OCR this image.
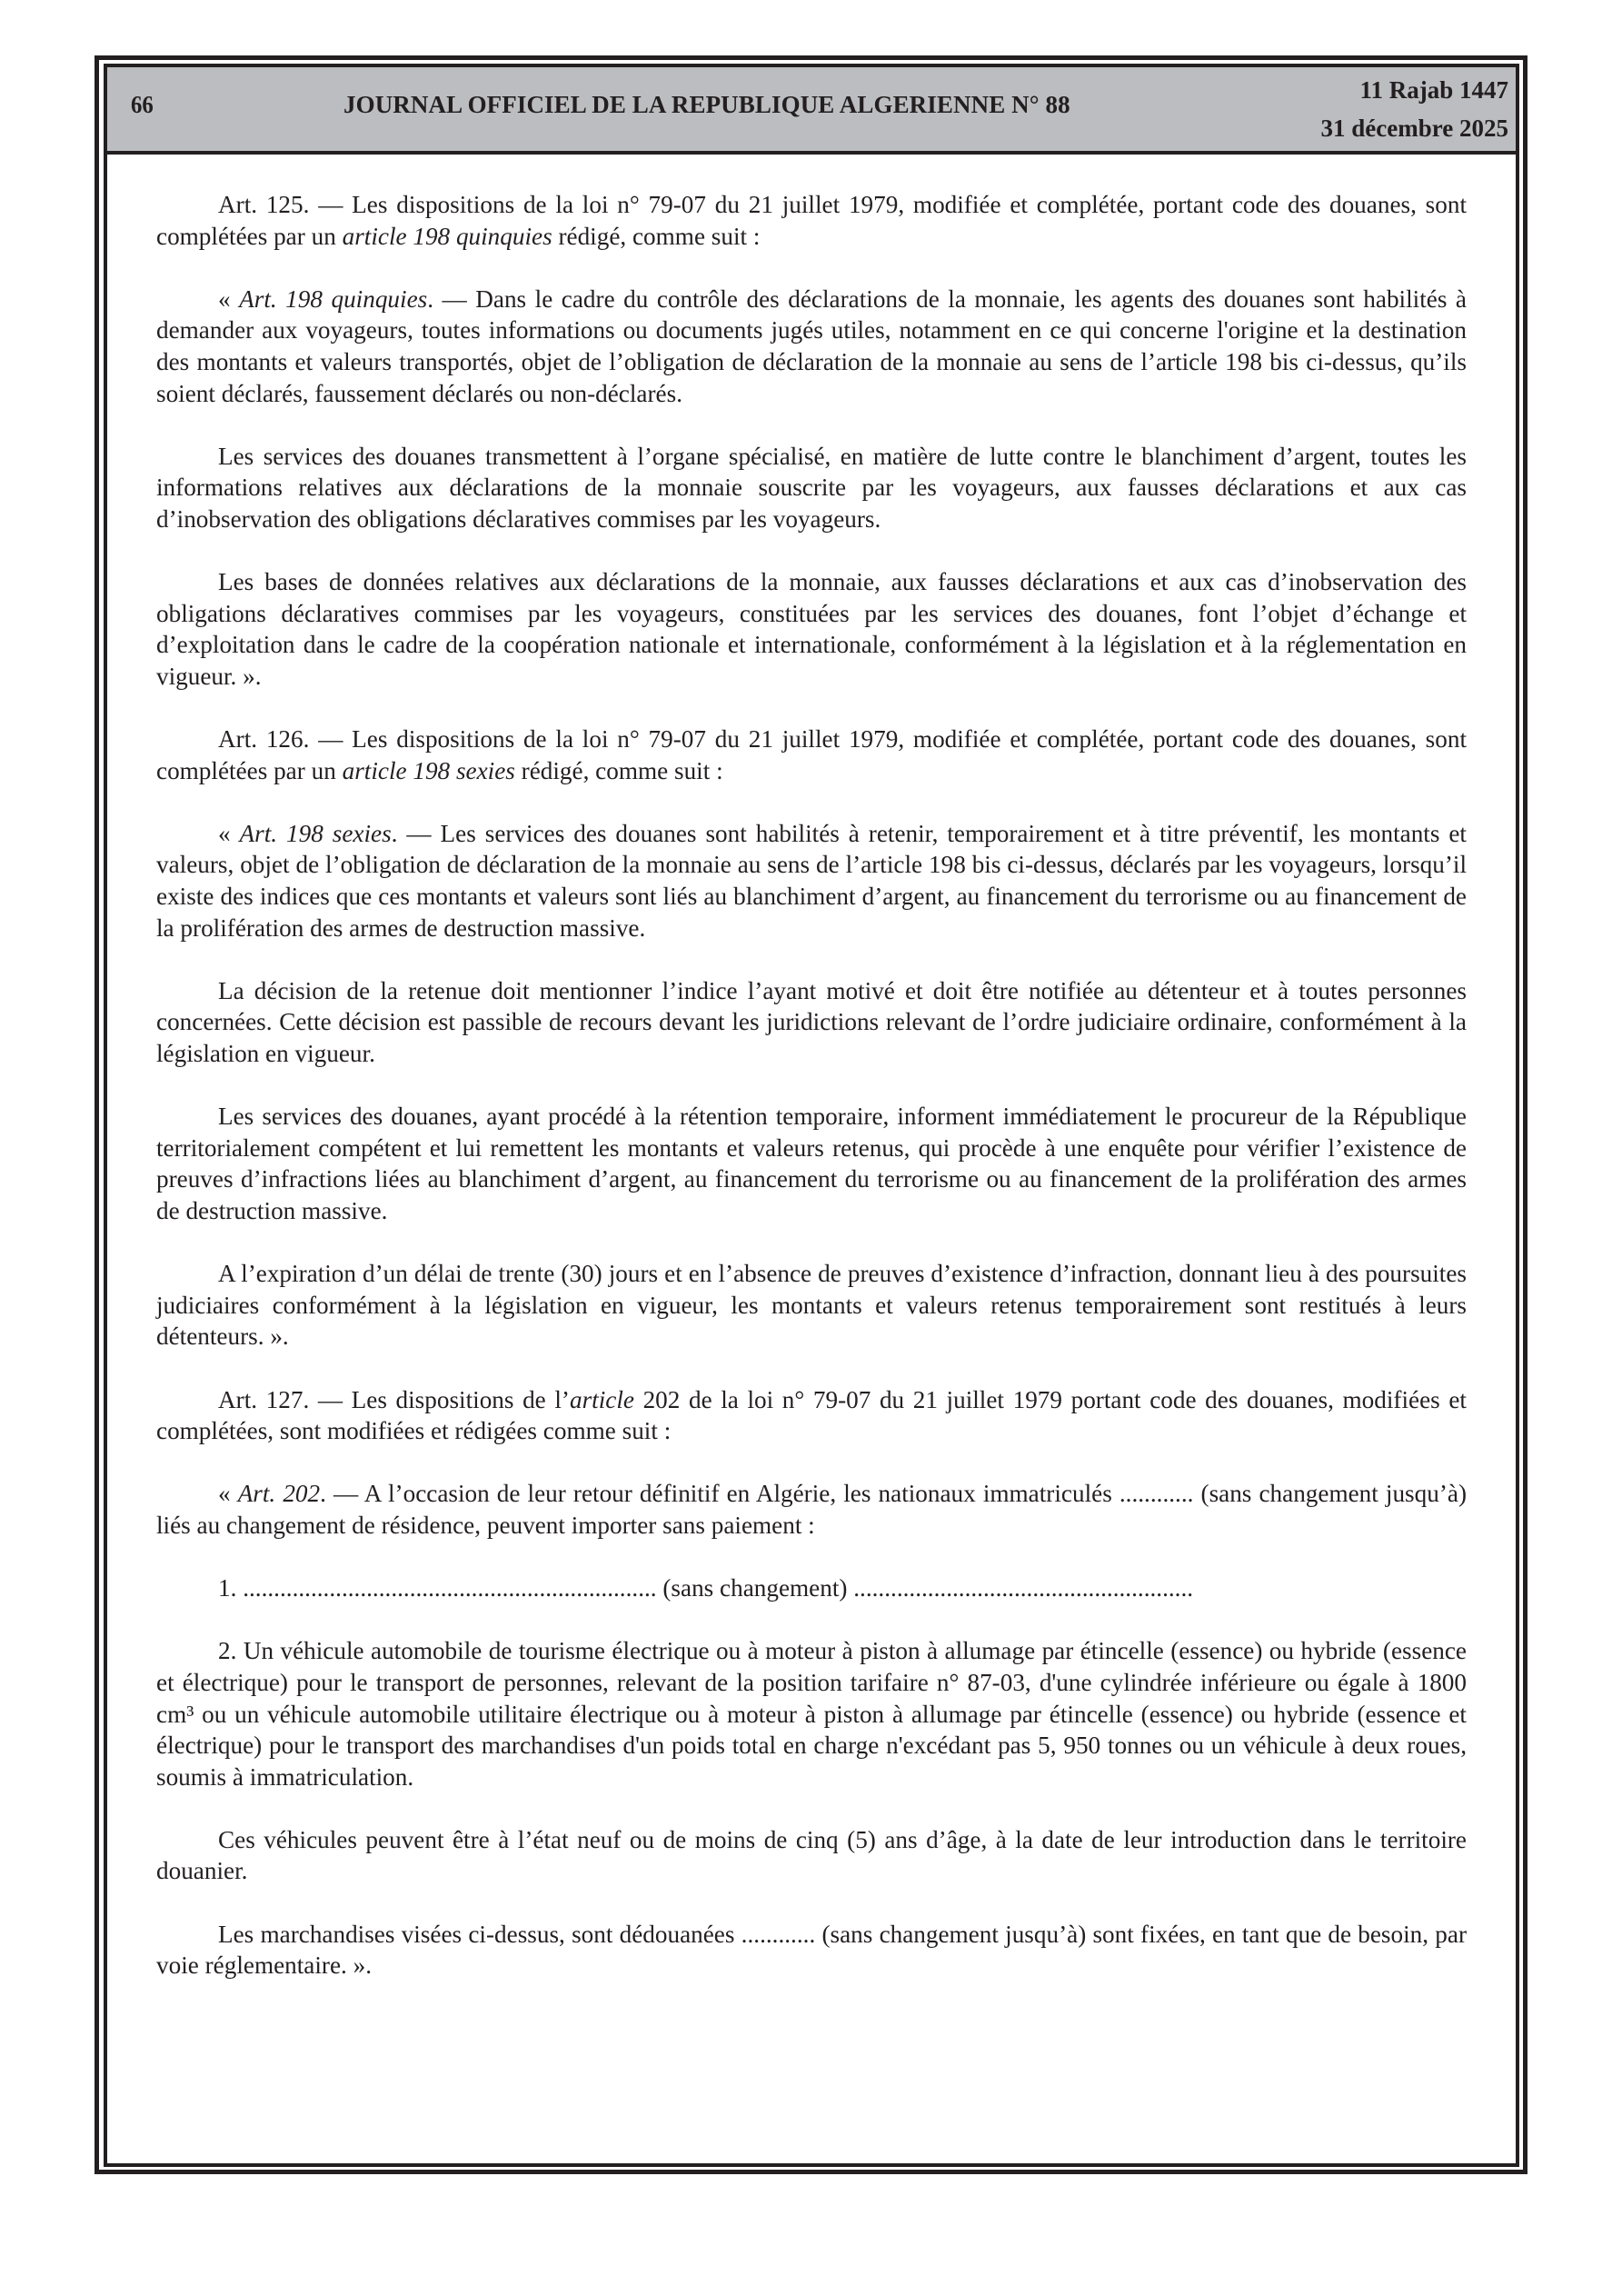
66	JOURNAL OFFICIEL DE LA REPUBLIQUE ALGERIENNE N° 88
11 Rajab 1447
31 décembre 2025

Art. 125. — Les dispositions de la loi n° 79-07 du 21 juillet 1979, modifiée et complétée, portant code des douanes, sont complétées par un article 198 quinquies rédigé, comme suit :

« Art. 198 quinquies. — Dans le cadre du contrôle des déclarations de la monnaie, les agents des douanes sont habilités à demander aux voyageurs, toutes informations ou documents jugés utiles, notamment en ce qui concerne l'origine et la destination des montants et valeurs transportés, objet de l’obligation de déclaration de la monnaie au sens de l’article 198 bis ci-dessus, qu’ils soient déclarés, faussement déclarés ou non-déclarés.

Les services des douanes transmettent à l’organe spécialisé, en matière de lutte contre le blanchiment d’argent, toutes les informations relatives aux déclarations de la monnaie souscrite par les voyageurs, aux fausses déclarations et aux cas d’inobservation des obligations déclaratives commises par les voyageurs.

Les bases de données relatives aux déclarations de la monnaie, aux fausses déclarations et aux cas d’inobservation des obligations déclaratives commises par les voyageurs, constituées par les services des douanes, font l’objet d’échange et d’exploitation dans le cadre de la coopération nationale et internationale, conformément à la législation et à la réglementation en vigueur. ».

Art. 126. — Les dispositions de la loi n° 79-07 du 21 juillet 1979, modifiée et complétée, portant code des douanes, sont complétées par un article 198 sexies rédigé, comme suit :

« Art. 198 sexies. — Les services des douanes sont habilités à retenir, temporairement et à titre préventif, les montants et valeurs, objet de l’obligation de déclaration de la monnaie au sens de l’article 198 bis ci-dessus, déclarés par les voyageurs, lorsqu’il existe des indices que ces montants et valeurs sont liés au blanchiment d’argent, au financement du terrorisme ou au financement de la prolifération des armes de destruction massive.

La décision de la retenue doit mentionner l’indice l’ayant motivé et doit être notifiée au détenteur et à toutes personnes concernées. Cette décision est passible de recours devant les juridictions relevant de l’ordre judiciaire ordinaire, conformément à la législation en vigueur.

Les services des douanes, ayant procédé à la rétention temporaire, informent immédiatement le procureur de la République territorialement compétent et lui remettent les montants et valeurs retenus, qui procède à une enquête pour vérifier l’existence de preuves d’infractions liées au blanchiment d’argent, au financement du terrorisme ou au financement de la prolifération des armes de destruction massive.

A l’expiration d’un délai de trente (30) jours et en l’absence de preuves d’existence d’infraction, donnant lieu à des poursuites judiciaires conformément à la législation en vigueur, les montants et valeurs retenus temporairement sont restitués à leurs détenteurs. ».

Art. 127. — Les dispositions de l’article 202 de la loi n° 79-07 du 21 juillet 1979 portant code des douanes, modifiées et complétées, sont modifiées et rédigées comme suit :

« Art. 202. — A l’occasion de leur retour définitif en Algérie, les nationaux immatriculés ............ (sans changement jusqu’à) liés au changement de résidence, peuvent importer sans paiement :

1. ................................................................... (sans changement) .......................................................

2. Un véhicule automobile de tourisme électrique ou à moteur à piston à allumage par étincelle (essence) ou hybride (essence et électrique) pour le transport de personnes, relevant de la position tarifaire n° 87-03, d'une cylindrée inférieure ou égale à 1800 cm³ ou un véhicule automobile utilitaire électrique ou à moteur à piston à allumage par étincelle (essence) ou hybride (essence et électrique) pour le transport des marchandises d'un poids total en charge n'excédant pas 5, 950 tonnes ou un véhicule à deux roues, soumis à immatriculation.

Ces véhicules peuvent être à l’état neuf ou de moins de cinq (5) ans d’âge, à la date de leur introduction dans le territoire douanier.

Les marchandises visées ci-dessus, sont dédouanées ............ (sans changement jusqu’à) sont fixées, en tant que de besoin, par voie réglementaire. ».
